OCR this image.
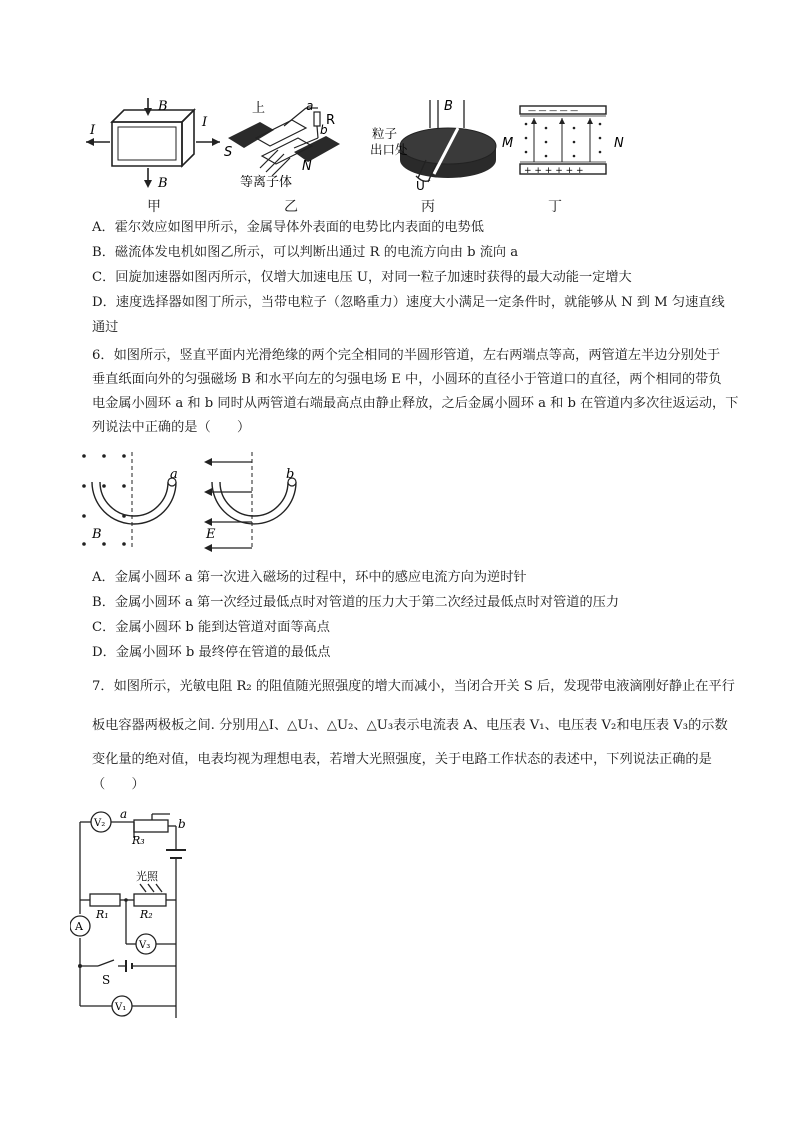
B
B
I
I
上	a
R
b
S
N
等离子体
B
粒子
出口处
U
— — — — —
+ + + + + +
M	N
甲	乙	丙	丁
A．霍尔效应如图甲所示，金属导体外表面的电势比内表面的电势低
B．磁流体发电机如图乙所示，可以判断出通过 R 的电流方向由 b 流向 a
C．回旋加速器如图丙所示，仅增大加速电压 U，对同一粒子加速时获得的最大动能一定增大
D．速度选择器如图丁所示，当带电粒子（忽略重力）速度大小满足一定条件时，就能够从 N 到 M 匀速直线
通过
6．如图所示，竖直平面内光滑绝缘的两个完全相同的半圆形管道，左右两端点等高，两管道左半边分别处于
垂直纸面向外的匀强磁场 B 和水平向左的匀强电场 E 中，小圆环的直径小于管道口的直径，两个相同的带负
电金属小圆环 a 和 b 同时从两管道右端最高点由静止释放，之后金属小圆环 a 和 b 在管道内多次往返运动，下
列说法中正确的是（　　）
a
B
b
E
A．金属小圆环 a 第一次进入磁场的过程中，环中的感应电流方向为逆时针
B．金属小圆环 a 第一次经过最低点时对管道的压力大于第二次经过最低点时对管道的压力
C．金属小圆环 b 能到达管道对面等高点
D．金属小圆环 b 最终停在管道的最低点
7．如图所示，光敏电阻 R₂ 的阻值随光照强度的增大而减小，当闭合开关 S 后，发现带电液滴刚好静止在平行
板电容器两极板之间. 分别用△I、△U₁、△U₂、△U₃表示电流表 A、电压表 V₁、电压表 V₂和电压表 V₃的示数
变化量的绝对值，电表均视为理想电表，若增大光照强度，关于电路工作状态的表述中，下列说法正确的是
（　　）
V₂
A
V₃
V₁
a
b
R₃
光照
R₁	R₂
S
